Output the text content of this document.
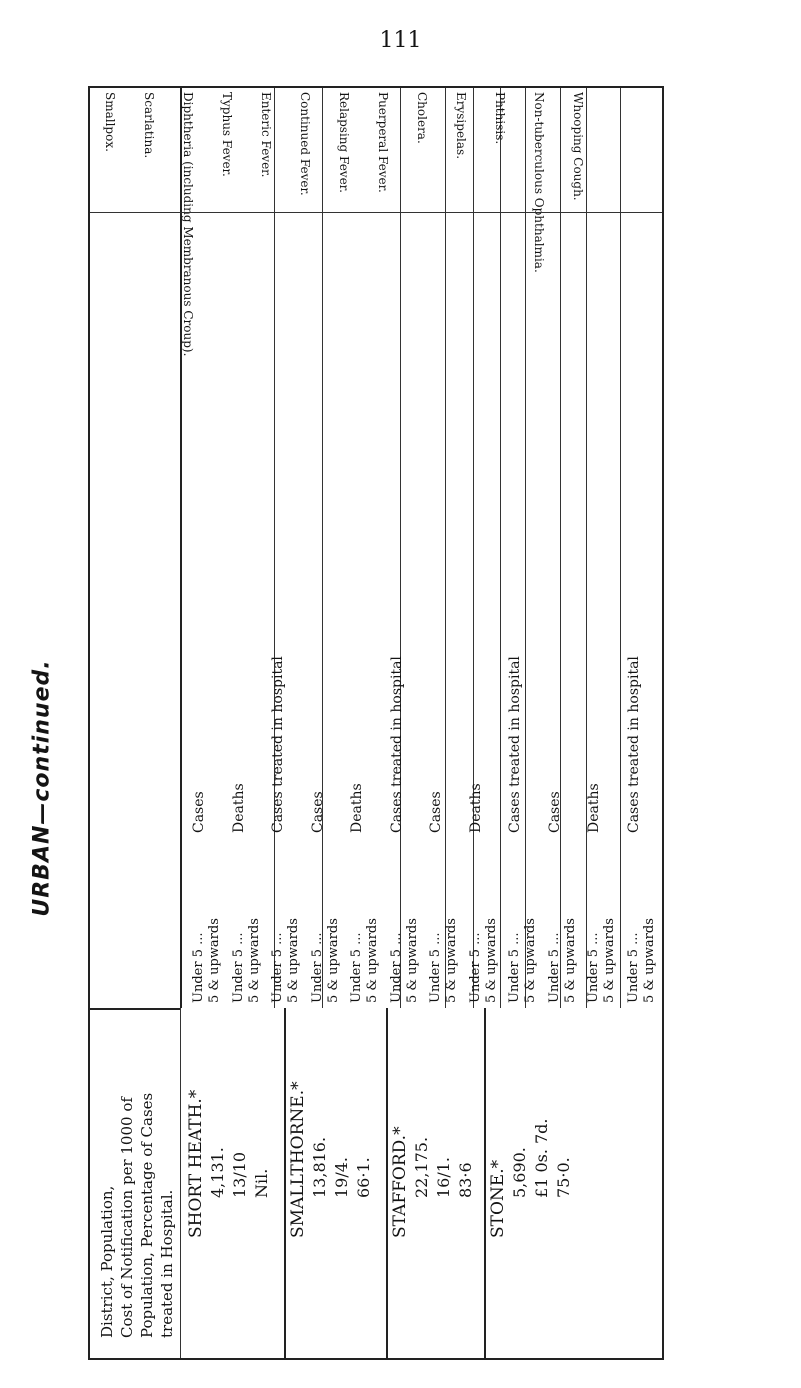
111
URBAN—continued.
District, Population, Cost of Notification per 1000 of Population, Percentage of Cases treated in Hospital.
SHORT HEATH.* 4,131. 13/10 Nil. SMALLTHORNE.* 13,816. 19/4. 66·1. STAFFORD.* 22,175. 16/1. 83·6 STONE.* 5,690. £1 0s. 7d. 75·0.
Cases
Under 5 ... 5 & upwards
Deaths
Under 5 ... 5 & upwards
Cases treated in hospital
Under 5 ... 5 & upwards
Cases
Under 5 ... 5 & upwards
Deaths
Under 5 ... 5 & upwards
Cases treated in hospital
Under 5 ... 5 & upwards
Cases
Under 5 ... 5 & upwards
Deaths
Under 5 ... 5 & upwards
Cases treated in hospital
Under 5 ... 5 & upwards
Cases
Under 5 ... 5 & upwards
Deaths
Under 5 ... 5 & upwards
Cases treated in hospital
Under 5 ... 5 & upwards
Smallpox. Scarlatina. Diphtheria (including Membranous Croup). Typhus Fever. Enteric Fever. Continued Fever. Relapsing Fever. Puerperal Fever. Cholera. Erysipelas. Phthisis. Non-tuberculous Ophthalmia. Whooping Cough.
